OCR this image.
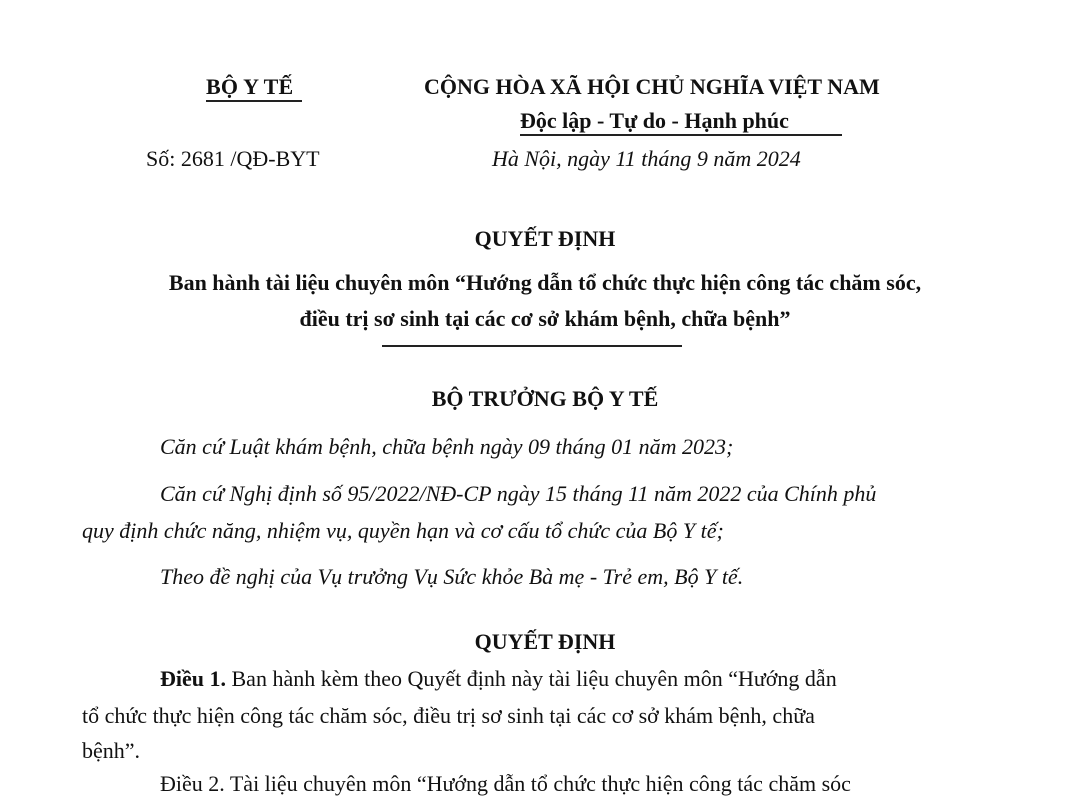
BỘ Y TẾ
Số: 2681 /QĐ-BYT
CỘNG HÒA XÃ HỘI CHỦ NGHĨA VIỆT NAM
Độc lập - Tự do - Hạnh phúc
Hà Nội, ngày 11 tháng 9 năm 2024
QUYẾT ĐỊNH
Ban hành tài liệu chuyên môn “Hướng dẫn tổ chức thực hiện công tác chăm sóc,
điều trị sơ sinh tại các cơ sở khám bệnh, chữa bệnh”
BỘ TRƯỞNG BỘ Y TẾ
Căn cứ Luật khám bệnh, chữa bệnh ngày 09 tháng 01 năm 2023;
Căn cứ Nghị định số 95/2022/NĐ-CP ngày 15 tháng 11 năm 2022 của Chính phủ
quy định chức năng, nhiệm vụ, quyền hạn và cơ cấu tổ chức của Bộ Y tế;
Theo đề nghị của Vụ trưởng Vụ Sức khỏe Bà mẹ - Trẻ em, Bộ Y tế.
QUYẾT ĐỊNH
Điều 1. Ban hành kèm theo Quyết định này tài liệu chuyên môn “Hướng dẫn
tổ chức thực hiện công tác chăm sóc, điều trị sơ sinh tại các cơ sở khám bệnh, chữa
bệnh”.
Điều 2. Tài liệu chuyên môn “Hướng dẫn tổ chức thực hiện công tác chăm sóc
